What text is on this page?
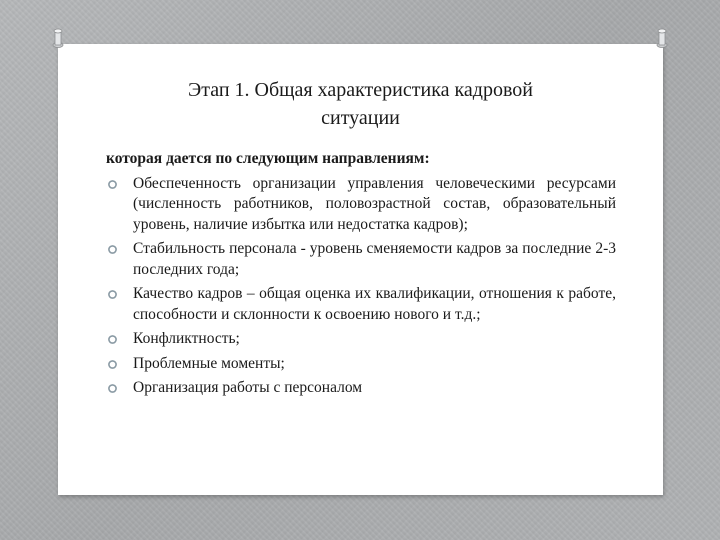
Этап 1. Общая характеристика кадровой
ситуации

которая дается по следующим направлениям:

Обеспеченность организации управления человеческими ресурсами (численность работников, половозрастной состав, образовательный уровень, наличие избытка или недостатка кадров);
Стабильность персонала - уровень сменяемости кадров за последние 2-3 последних года;
Качество кадров – общая оценка их квалификации, отношения к работе, способности и склонности к освоению нового и т.д.;
Конфликтность;
Проблемные моменты;
Организация работы с персоналом
